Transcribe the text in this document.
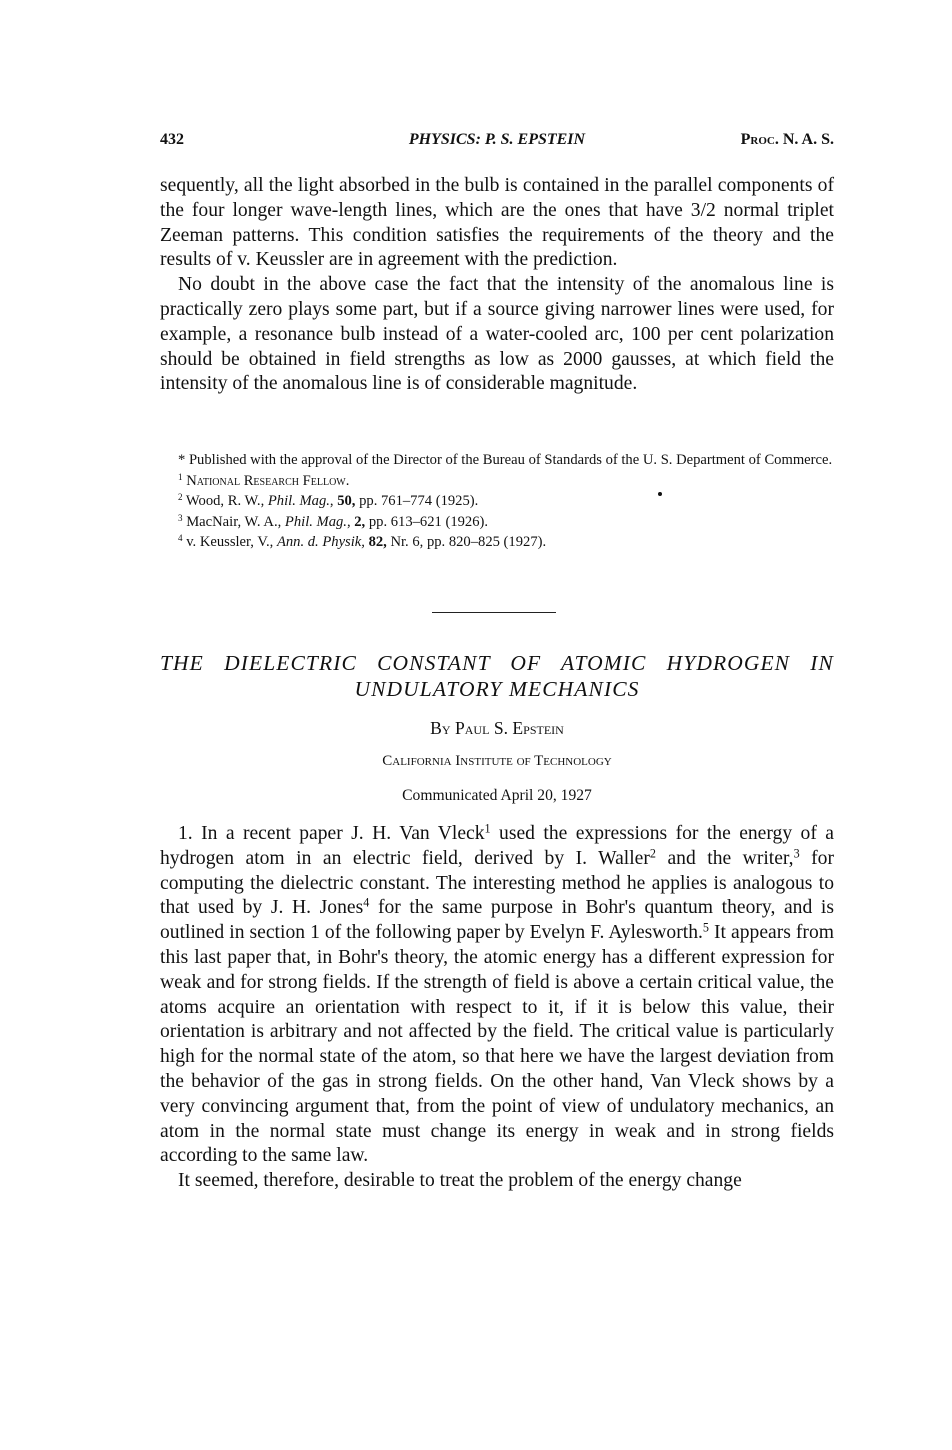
432	PHYSICS: P. S. EPSTEIN	Proc. N. A. S.

sequently, all the light absorbed in the bulb is contained in the parallel components of the four longer wave-length lines, which are the ones that have 3/2 normal triplet Zeeman patterns. This condition satisfies the requirements of the theory and the results of v. Keussler are in agreement with the prediction.

No doubt in the above case the fact that the intensity of the anomalous line is practically zero plays some part, but if a source giving narrower lines were used, for example, a resonance bulb instead of a water-cooled arc, 100 per cent polarization should be obtained in field strengths as low as 2000 gausses, at which field the intensity of the anomalous line is of considerable magnitude.

* Published with the approval of the Director of the Bureau of Standards of the U. S. Department of Commerce.

$^1$ National Research Fellow.

$^2$ Wood, R. W., Phil. Mag., 50, pp. 761–774 (1925).

$^3$ MacNair, W. A., Phil. Mag., 2, pp. 613–621 (1926).

$^4$ v. Keussler, V., Ann. d. Physik, 82, Nr. 6, pp. 820–825 (1927).

THE DIELECTRIC CONSTANT OF ATOMIC HYDROGEN IN

UNDULATORY MECHANICS

By Paul S. Epstein
California Institute of Technology
Communicated April 20, 1927

1. In a recent paper J. H. Van Vleck$^1$ used the expressions for the energy of a hydrogen atom in an electric field, derived by I. Waller$^2$ and the writer,$^3$ for computing the dielectric constant. The interesting method he applies is analogous to that used by J. H. Jones$^4$ for the same purpose in Bohr's quantum theory, and is outlined in section 1 of the following paper by Evelyn F. Aylesworth.$^5$ It appears from this last paper that, in Bohr's theory, the atomic energy has a different expression for weak and for strong fields. If the strength of field is above a certain critical value, the atoms acquire an orientation with respect to it, if it is below this value, their orientation is arbitrary and not affected by the field. The critical value is particularly high for the normal state of the atom, so that here we have the largest deviation from the behavior of the gas in strong fields. On the other hand, Van Vleck shows by a very convincing argument that, from the point of view of undulatory mechanics, an atom in the normal state must change its energy in weak and in strong fields according to the same law.

It seemed, therefore, desirable to treat the problem of the energy change
